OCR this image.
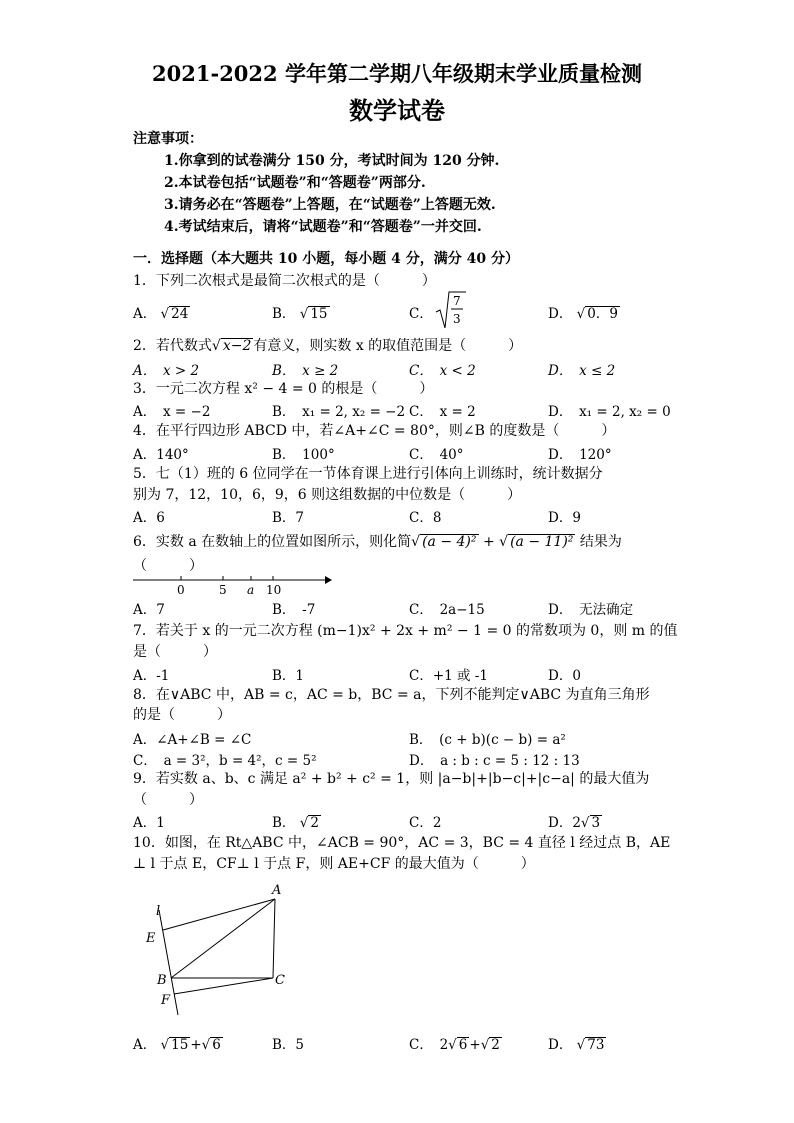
2021-2022 学年第二学期八年级期末学业质量检测
数学试卷
注意事项：
1.你拿到的试卷满分 150 分，考试时间为 120 分钟.
2.本试卷包括“试题卷”和“答题卷”两部分.
3.请务必在“答题卷”上答题，在“试题卷”上答题无效.
4.考试结束后，请将“试题卷”和“答题卷”一并交回.
一．选择题（本大题共 10 小题，每小题 4 分，满分 40 分）
1．下列二次根式是最简二次根式的是（　　　）
A． √ 24	B． √ 15	C．
7
3	D． √ 0．9
2．若代数式√ x−2 有意义，则实数 x 的取值范围是（　　　）
A．　x > 2	B．　x ≥ 2	C．　x < 2	D．　x ≤ 2
3．一元二次方程 x² − 4 = 0 的根是（　　　）
A．　x = −2	B．　x₁ = 2, x₂ = −2 C．　x = 2	D．　x₁ = 2, x₂ = 0
4．在平行四边形 ABCD 中，若∠A+∠C = 80°，则∠B 的度数是（　　　）
A．140°	B．　100°	C．　40°	D．　120°
5．七（1）班的 6 位同学在一节体育课上进行引体向上训练时，统计数据分
别为 7，12，10，6，9，6 则这组数据的中位数是（　　　）
A．6	B．7	C．8	D．9
6．实数 a 在数轴上的位置如图所示，则化简√ (a − 4)² + √ (a − 11)² 结果为
（　　　）
0	5 a 10
A．7	B．　-7	C．　2a−15	D．　无法确定
7．若关于 x 的一元二次方程 (m−1)x² + 2x + m² − 1 = 0 的常数项为 0，则 m 的值
是（　　　）
A．-1	B．1	C．+1 或 -1	D．0
8．在∨ABC 中，AB = c，AC = b，BC = a，下列不能判定∨ABC 为直角三角形
的是（　　　）
A．∠A+∠B = ∠C	B．　(c + b)(c − b) = a²
C．　a = 3²，b = 4²，c = 5²	D．　a : b : c = 5 : 12 : 13
9．若实数 a、b、c 满足 a² + b² + c² = 1，则 |a−b|+|b−c|+|c−a| 的最大值为
（　　　）
A．1	B． √ 2	C．2	D．2√ 3
10．如图，在 Rt△ABC 中，∠ACB = 90°，AC = 3，BC = 4 直径 l 经过点 B，AE
⊥ l 于点 E，CF⊥ l 于点 F，则 AE+CF 的最大值为（　　　）
A
B	C
E
F
l
A． √ 15 +√ 6	B．5	C．　2√ 6 +√ 2	D． √ 73
